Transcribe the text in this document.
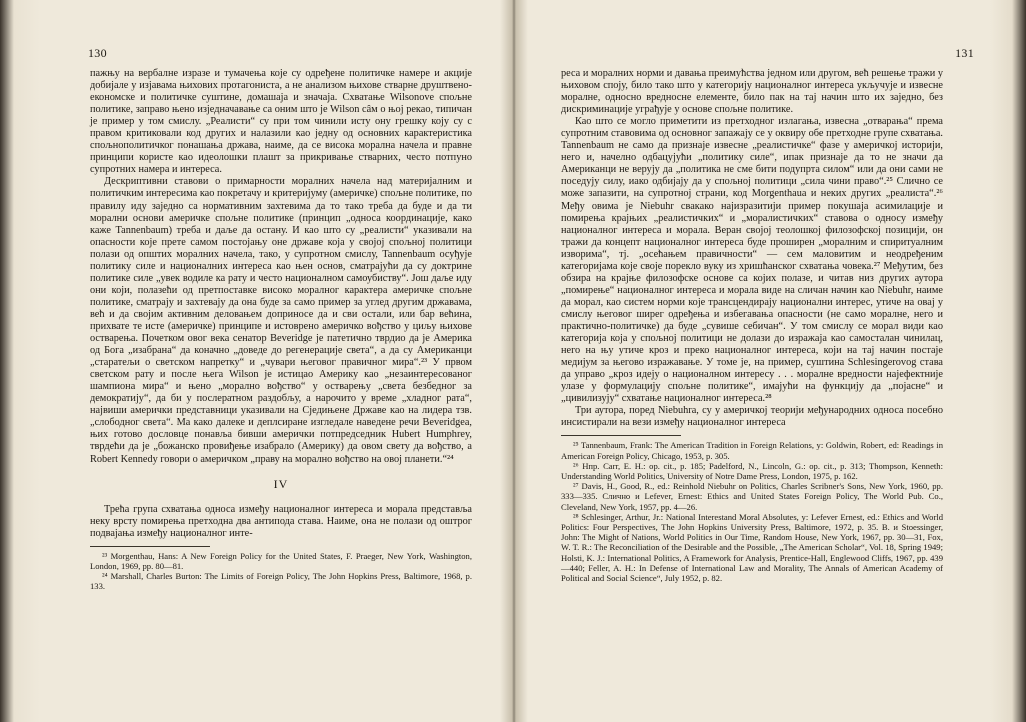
130

пажњу на вербалне изразе и тумачења које су одређене политичке намере и акције добијале у изјавама њихових протагониста, а не анализом њихове стварне друштвено-економске и политичке суштине, домашаја и значаја. Схватање Wilsonove спољне политике, заправо њено изједначавање са оним што je Wilson сâм о њој рекао, типичан je пример у том смислу. „Реалисти“ су при том чинили исту ону грешку коју су с правом критиковали код других и налазили као једну од основних карактеристика спољнополитичког понашања држава, наиме, да се висока морална начела и правне принципи користе као идеолошки плашт за прикривање стварних, често потпуно супротних намера и интереса.

Дескриптивни ставови о примарности моралних начела над материјалним и политичким интересима као покретачу и критеријуму (америчке) спољне политике, по правилу иду заједно са нормативним захтевима да то тако треба да буде и да ти морални основи америчке спољне политике (принцип „односа координације, како каже Tannenbaum) треба и даље да остану. И као што су „реалисти“ указивали на опасности које прете самом постојању оне државе која у својој спољној политици полази од општих моралних начела, тако, у супротном смислу, Tannenbaum осуђује политику силе и националних интереса као њен основ, сматрајући да су доктрине политике силе „увек водиле ка рату и често националном самоубиству“. Још даље иду они који, полазећи од претпоставке високо моралног карактера америчке спољне политике, сматрају и захтевају да она буде за само пример за углед другим државама, већ и да својим активним деловањем доприносе да и сви остали, или бар већина, прихвате те исте (америчке) принципе и истоврено америчко вођство у циљу њихове остварења. Почетком овог века сенатор Beveridge je патетично тврдио да je Америка од Бога „изабрана“ да коначно „доведе до регенерације света“, а да су Американци „старатељи о светском напретку“ и „чувари његовог правичног мира“.²³ У првом светском рату и после њега Wilson je истицао Америку као „незаинтересованог шампиона мира“ и њено „морално вођство“ у остварењу „света безбедног за демократију“, да би у послератном раздобљу, а нарочито у време „хладног рата“, највиши амерички представници указивали на Сједињене Државе као на лидера тзв. „слободног света“. Ма како далеке и деплсиране изгледале наведене речи Beveridgea, њих готово дословце понавља бивши амерички потпредседник Hubert Humphrey, тврдећи да je „божанско провиђење изабрало (Америку) да овом свету да вођство, а Robert Kennedy говори о америчком „праву на морално вођство на овој планети.“²⁴

IV

Трећа група схватања односа између националног интереса и морала представља неку врсту помирења претходна два антипода става. Наиме, она не полази од оштрог подвајања између националног инте-

²³ Morgenthau, Hans: A New Foreign Policy for the United States, F. Praeger, New York, Washington, London, 1969, pp. 80—81.

²⁴ Marshall, Charles Burton: The Limits of Foreign Policy, The John Hopkins Press, Baltimore, 1968, p. 133.

131

реса и моралних норми и давања преимућства једном или другом, већ решење тражи у њиховом споју, било тако што у категорију националног интереса укључује и извесне моралне, односно вредносне елементе, било пак на тај начин што их заједно, без дискриминације уграђује у основе спољне политике.

Као што се могло приметити из претходног излагања, извесна „отварања“ према супротним ставовима од основног запажају се у оквиру обе претходне групе схватања. Tannenbaum не само да признаје извесне „реалистичке“ фазе у америчкој историји, него и, начелно одбацујући „политику силе“, ипак признаје да то не значи да Американци не верују да „политика не сме бити подупрта силом“ или да они сами не поседују силу, иако одбијају да у спољној политици „сила чини право“.²⁵ Слично се може запазити, на супротној страни, код Morgenthaua и неких других „реалиста“.²⁶ Међу овима je Niebuhr свакако најизразитији пример покушаја асимилације и помирења крајњих „реалистичких“ и „моралистичких“ ставова о односу између националног интереса и морала. Веран својој теолошкој филозофској позицији, он тражи да концепт националног интереса буде проширен „моралним и спиритуалним изворима“, тј. „осећањем правичности“ — сем маловитим и неодређеним категоријама које своје порекло вуку из хришћанског схватања човека.²⁷ Међутим, без обзира на крајње филозофске основе са којих полазе, и читав низ других аутора „помирење“ националног интереса и морала виде на сличан начин као Niebuhr, наиме да морал, као систем норми које трансцендирају национални интерес, утиче на овај у смислу његовог ширег одређења и избегавања опасности (не само моралне, него и практично-политичке) да буде „сувише себичан“. У том смислу се морал види као категорија која у спољној политици не долази до изражаја као самосталан чинилац, него на њу утиче кроз и преко националног интереса, који на тај начин постаје медијум за његово изражавање. У томе je, на пример, суштина Schlesingerovog става да управо „кроз идеју о националном интересу . . . моралне вредности најефектније улазе у формулацију спољне политике“, имајући на функцију да „појасне“ и „цивилизују“ схватање националног интереса.²⁸

Три аутора, поред Niebuhra, су у америчкој теорији међународних односа посебно инсистирали на вези између националног интереса

²⁵ Tannenbaum, Frank: The American Tradition in Foreign Relations, y: Goldwin, Robert, ed: Readings in American Foreign Policy, Chicago, 1953, p. 305.

²⁶ Нпр. Carr, E. H.: op. cit., p. 185; Padelford, N., Lincoln, G.: op. cit., p. 313; Thompson, Kenneth: Understanding World Politics, University of Notre Dame Press, London, 1975, p. 162.

²⁷ Davis, H., Good, R., ed.: Reinhold Niebuhr on Politics, Charles Scribner's Sons, New York, 1960, pp. 333—335. Слично и Lefever, Ernest: Ethics and United States Foreign Policy, The World Pub. Co., Cleveland, New York, 1957, pp. 4—26.

²⁸ Schlesinger, Arthur, Jr.: National Interestand Moral Absolutes, y: Lefever Ernest, ed.: Ethics and World Politics: Four Perspectives, The John Hopkins University Press, Baltimore, 1972, p. 35. B. и Stoessinger, John: The Might of Nations, World Politics in Our Time, Random House, New York, 1967, pp. 30—31, Fox, W. T. R.: The Reconciliation of the Desirable and the Possible, „The American Scholar“, Vol. 18, Spring 1949; Holsti, K. J.: International Politics, A Framework for Analysis, Prentice-Hall, Englewood Cliffs, 1967, pp. 439—440; Feller, A. H.: In Defense of International Law and Morality, The Annals of American Academy of Political and Social Science“, July 1952, p. 82.
